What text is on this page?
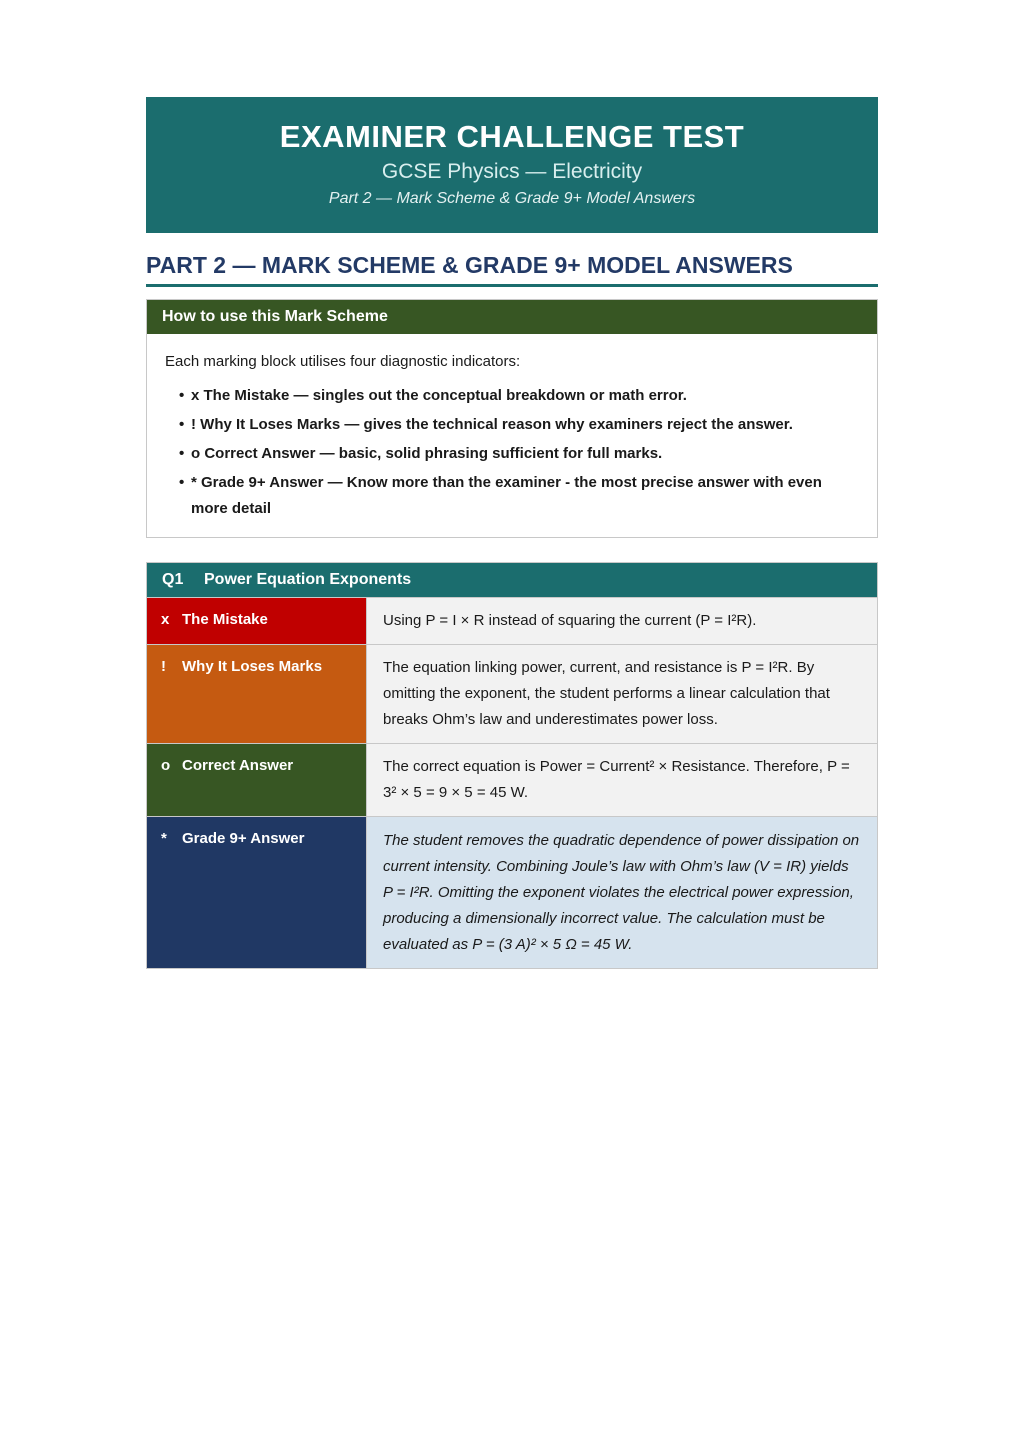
EXAMINER CHALLENGE TEST
GCSE Physics — Electricity
Part 2 — Mark Scheme & Grade 9+ Model Answers
PART 2 — MARK SCHEME & GRADE 9+ MODEL ANSWERS
How to use this Mark Scheme
Each marking block utilises four diagnostic indicators:
• x The Mistake — singles out the conceptual breakdown or math error.
• ! Why It Loses Marks — gives the technical reason why examiners reject the answer.
• o Correct Answer — basic, solid phrasing sufficient for full marks.
• * Grade 9+ Answer — Know more than the examiner - the most precise answer with even more detail
Q1 Power Equation Exponents
x The Mistake	Using P = I × R instead of squaring the current (P = I²R).
! Why It Loses Marks	The equation linking power, current, and resistance is P = I²R. By omitting the exponent, the student performs a linear calculation that breaks Ohm’s law and underestimates power loss.
o Correct Answer	The correct equation is Power = Current² × Resistance. Therefore, P = 3² × 5 = 9 × 5 = 45 W.
* Grade 9+ Answer	The student removes the quadratic dependence of power dissipation on current intensity. Combining Joule’s law with Ohm’s law (V = IR) yields P = I²R. Omitting the exponent violates the electrical power expression, producing a dimensionally incorrect value. The calculation must be evaluated as P = (3 A)² × 5 Ω = 45 W.
